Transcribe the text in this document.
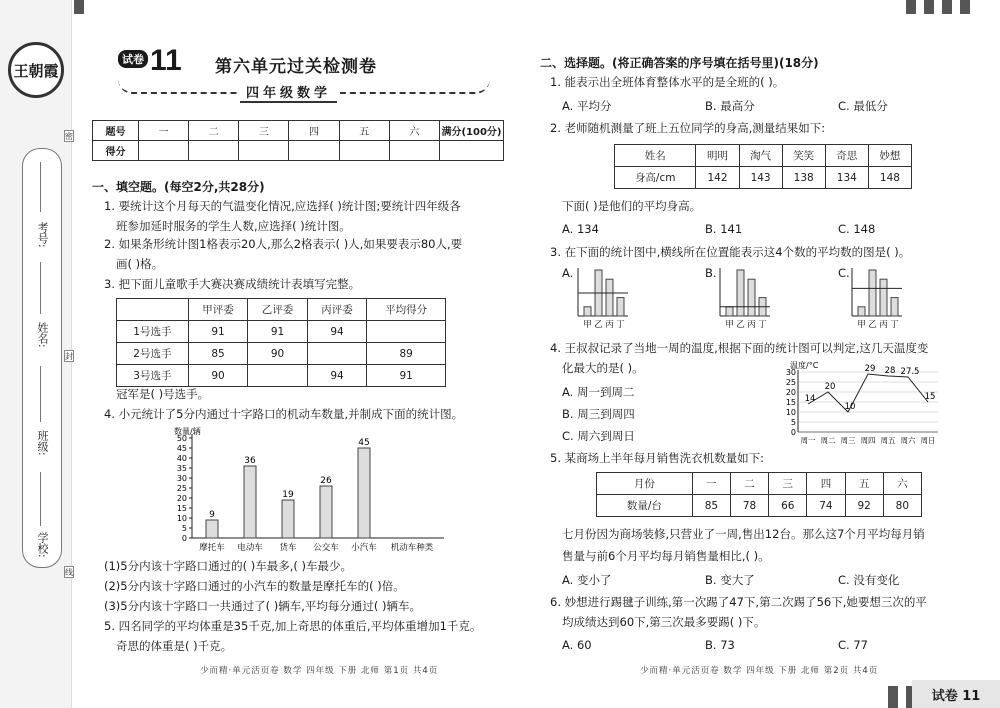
王朝霞
考号:
姓名:
班级:
学校:
密
封
线
试卷 11 第六单元过关检测卷
四年级数学
题号	一	二	三	四	五	六	满分(100分)
得分							
一、填空题。(每空2分,共28分)
1. 要统计这个月每天的气温变化情况,应选择( )统计图;要统计四年级各
班参加延时服务的学生人数,应选择( )统计图。
2. 如果条形统计图1格表示20人,那么2格表示( )人,如果要表示80人,要
画( )格。
3. 把下面儿童歌手大赛决赛成绩统计表填写完整。
	甲评委	乙评委	丙评委	平均得分
1号选手	91	91	94	
2号选手	85	90		89
3号选手	90		94	91
冠军是( )号选手。
4. 小元统计了5分内通过十字路口的机动车数量,并制成下面的统计图。
数量/辆
0
5
10
15
20
25
30
35
40
45
50
9
摩托车
36
电动车
19
货车
26
公交车
45
小汽车 机动车种类
(1)5分内该十字路口通过的( )车最多,( )车最少。
(2)5分内该十字路口通过的小汽车的数量是摩托车的( )倍。
(3)5分内该十字路口一共通过了( )辆车,平均每分通过( )辆车。
5. 四名同学的平均体重是35千克,加上奇思的体重后,平均体重增加1千克。
奇思的体重是( )千克。
少而精·单元活页卷 数学 四年级 下册 北师 第1页 共4页
二、选择题。(将正确答案的序号填在括号里)(18分)
1. 能表示出全班体育整体水平的是全班的( )。
A. 平均分	B. 最高分	C. 最低分
2. 老师随机测量了班上五位同学的身高,测量结果如下:
姓名	明明	淘气	笑笑	奇思	妙想
身高/cm	142	143	138	134	148
下面( )是他们的平均身高。
A. 134	B. 141	C. 148
3. 在下面的统计图中,横线所在位置能表示这4个数的平均数的图是( )。
A.	B.	C.
甲 乙 丙 丁	甲 乙 丙 丁	甲 乙 丙 丁
4. 王叔叔记录了当地一周的温度,根据下面的统计图可以判定,这几天温度变
化最大的是( )。
A. 周一到周二
B. 周三到周四
C. 周六到周日
温度/°C
0
5
10
15
20
25
30
14
20
10
29 28 27.5
15
周一 周二 周三 周四 周五 周六 周日
5. 某商场上半年每月销售洗衣机数量如下:
月份	一	二	三	四	五	六
数量/台	85	78	66	74	92	80
七月份因为商场装修,只营业了一周,售出12台。那么这7个月平均每月销
售量与前6个月平均每月销售量相比,( )。
A. 变小了	B. 变大了	C. 没有变化
6. 妙想进行踢毽子训练,第一次踢了47下,第二次踢了56下,她要想三次的平
均成绩达到60下,第三次最多要踢( )下。
A. 60	B. 73	C. 77
少而精·单元活页卷 数学 四年级 下册 北师 第2页 共4页
试卷 11
